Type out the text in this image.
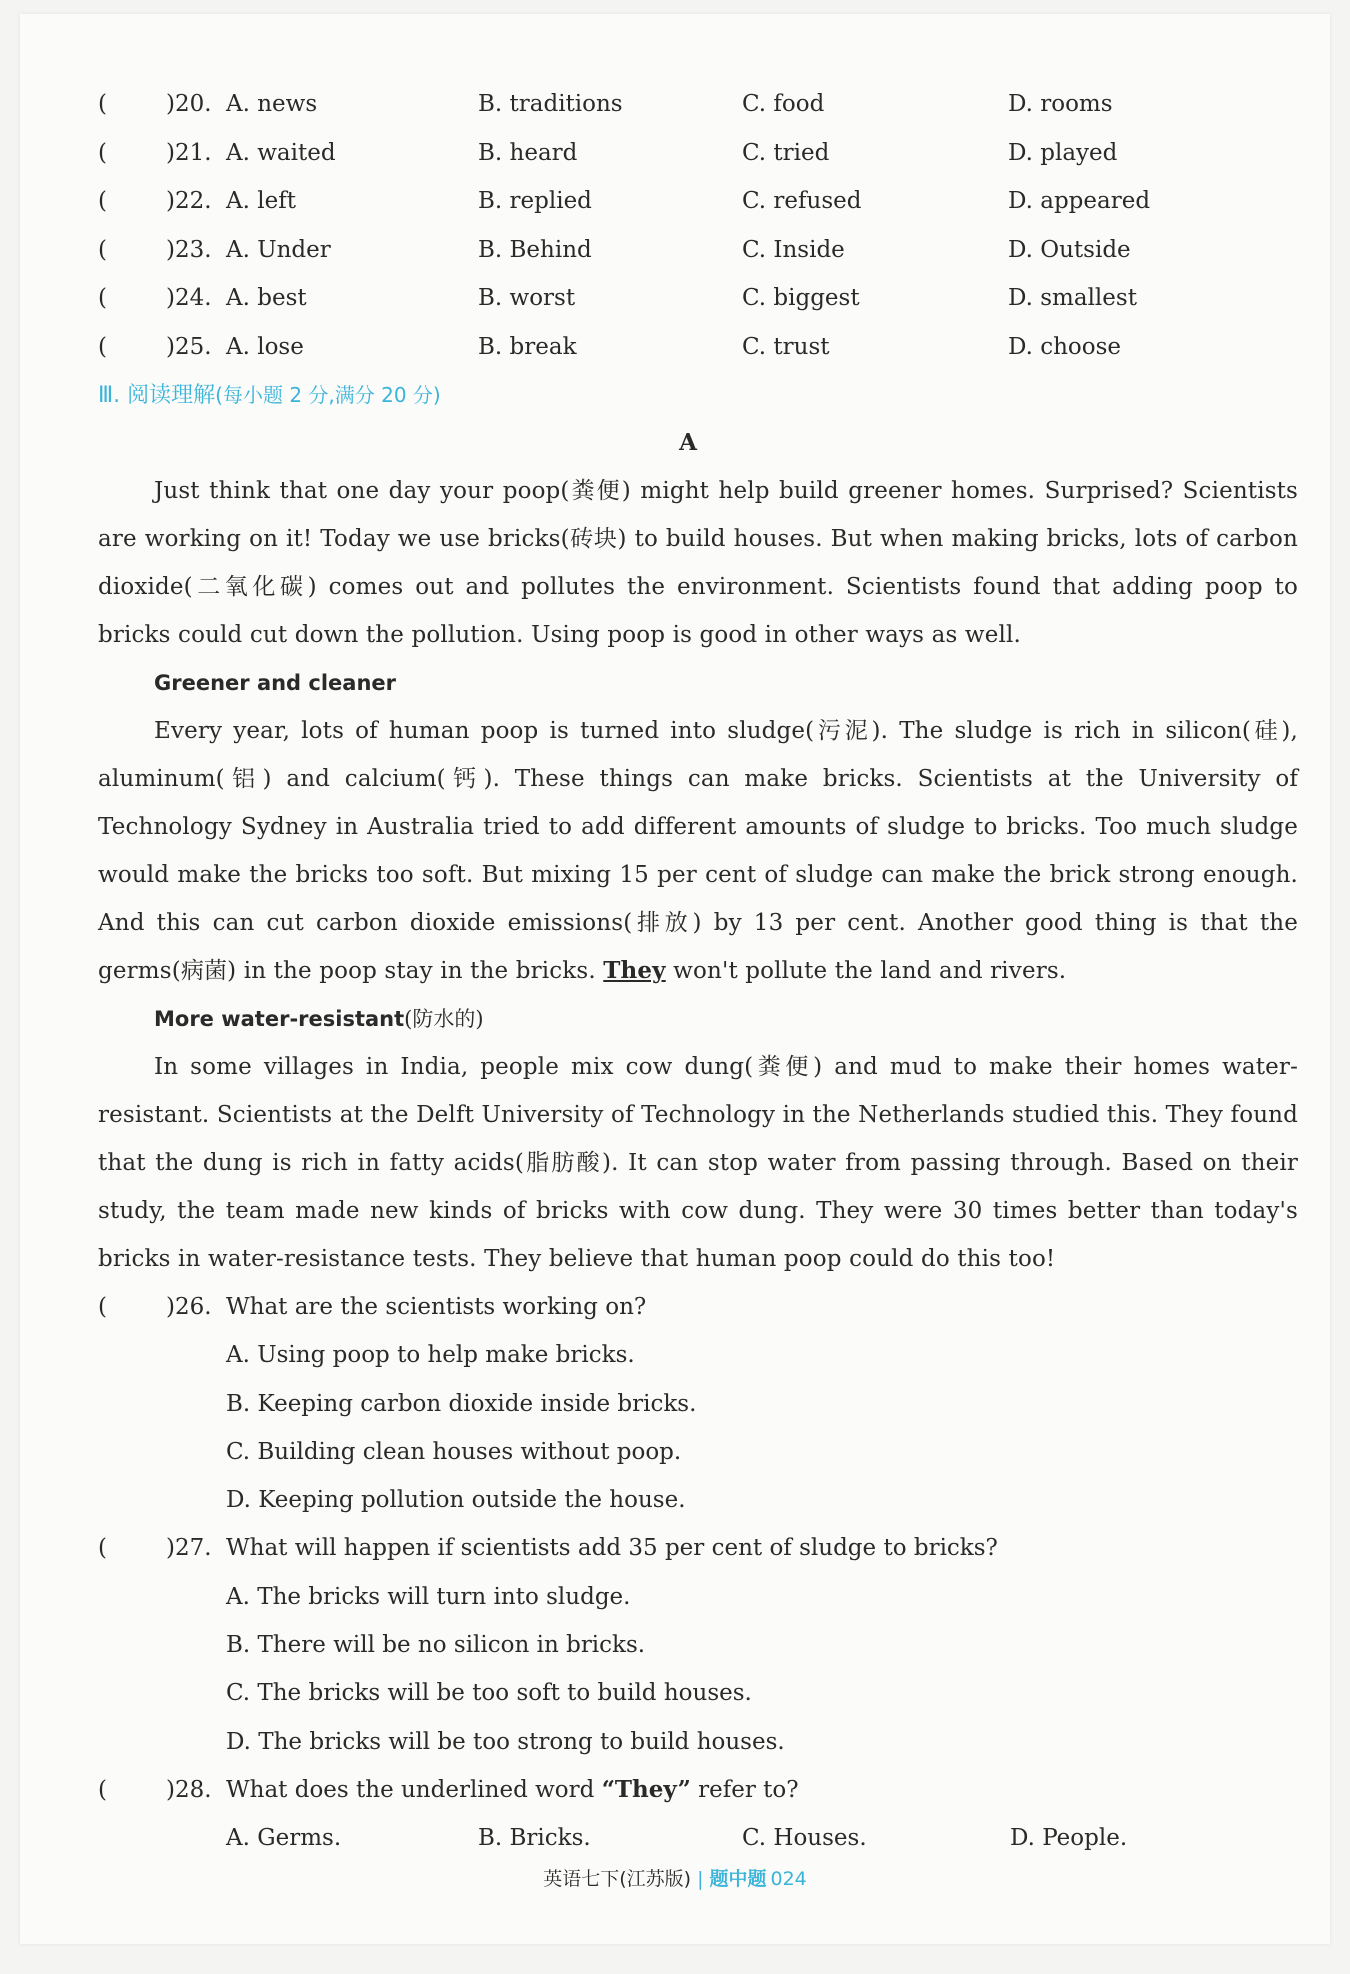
(	)20. A. news	B. traditions	C. food	D. rooms
(	)21. A. waited	B. heard	C. tried	D. played
(	)22. A. left	B. replied	C. refused	D. appeared
(	)23. A. Under	B. Behind	C. Inside	D. Outside
(	)24. A. best	B. worst	C. biggest	D. smallest
(	)25. A. lose	B. break	C. trust	D. choose
Ⅲ. 阅读理解(每小题 2 分,满分 20 分)
A

Just think that one day your poop(粪便) might help build greener homes. Surprised? Scientists are working on it! Today we use bricks(砖块) to build houses. But when making bricks, lots of carbon dioxide(二氧化碳) comes out and pollutes the environment. Scientists found that adding poop to bricks could cut down the pollution. Using poop is good in other ways as well.

Greener and cleaner

Every year, lots of human poop is turned into sludge(污泥). The sludge is rich in silicon(硅), aluminum(铝) and calcium(钙). These things can make bricks. Scientists at the University of Technology Sydney in Australia tried to add different amounts of sludge to bricks. Too much sludge would make the bricks too soft. But mixing 15 per cent of sludge can make the brick strong enough. And this can cut carbon dioxide emissions(排放) by 13 per cent. Another good thing is that the germs(病菌) in the poop stay in the bricks. They won't pollute the land and rivers.

More water-resistant(防水的)

In some villages in India, people mix cow dung(粪便) and mud to make their homes water-resistant. Scientists at the Delft University of Technology in the Netherlands studied this. They found that the dung is rich in fatty acids(脂肪酸). It can stop water from passing through. Based on their study, the team made new kinds of bricks with cow dung. They were 30 times better than today's bricks in water-resistance tests. They believe that human poop could do this too!

(	)26. What are the scientists working on?
A. Using poop to help make bricks.
B. Keeping carbon dioxide inside bricks.
C. Building clean houses without poop.
D. Keeping pollution outside the house.
(	)27. What will happen if scientists add 35 per cent of sludge to bricks?
A. The bricks will turn into sludge.
B. There will be no silicon in bricks.
C. The bricks will be too soft to build houses.
D. The bricks will be too strong to build houses.
(	)28. What does the underlined word “They” refer to?
A. Germs.	B. Bricks.	C. Houses.	D. People.
英语七下(江苏版) | 题中题 024
